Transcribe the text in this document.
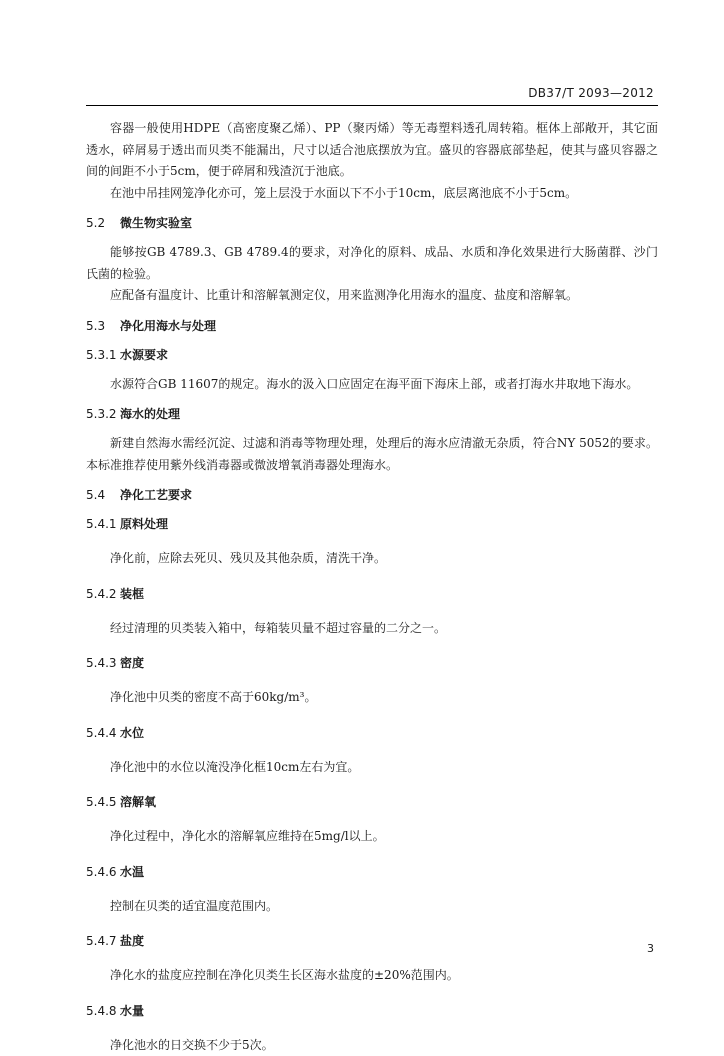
DB37/T 2093—2012

容器一般使用HDPE（高密度聚乙烯）、PP（聚丙烯）等无毒塑料透孔周转箱。框体上部敞开，其它面透水，碎屑易于透出而贝类不能漏出，尺寸以适合池底摆放为宜。盛贝的容器底部垫起，使其与盛贝容器之间的间距不小于5cm，便于碎屑和残渣沉于池底。

在池中吊挂网笼净化亦可，笼上层没于水面以下不小于10cm，底层离池底不小于5cm。

5.2 微生物实验室

能够按GB 4789.3、GB 4789.4的要求，对净化的原料、成品、水质和净化效果进行大肠菌群、沙门氏菌的检验。

应配备有温度计、比重计和溶解氧测定仪，用来监测净化用海水的温度、盐度和溶解氧。

5.3 净化用海水与处理

5.3.1 水源要求

水源符合GB 11607的规定。海水的汲入口应固定在海平面下海床上部，或者打海水井取地下海水。

5.3.2 海水的处理

新建自然海水需经沉淀、过滤和消毒等物理处理，处理后的海水应清澈无杂质，符合NY 5052的要求。本标准推荐使用紫外线消毒器或微波增氧消毒器处理海水。

5.4 净化工艺要求

5.4.1 原料处理

净化前，应除去死贝、残贝及其他杂质，清洗干净。

5.4.2 装框

经过清理的贝类装入箱中，每箱装贝量不超过容量的二分之一。

5.4.3 密度

净化池中贝类的密度不高于60kg/m³。

5.4.4 水位

净化池中的水位以淹没净化框10cm左右为宜。

5.4.5 溶解氧

净化过程中，净化水的溶解氧应维持在5mg/l以上。

5.4.6 水温

控制在贝类的适宜温度范围内。

5.4.7 盐度

净化水的盐度应控制在净化贝类生长区海水盐度的±20%范围内。

5.4.8 水量

净化池水的日交换不少于5次。

3
